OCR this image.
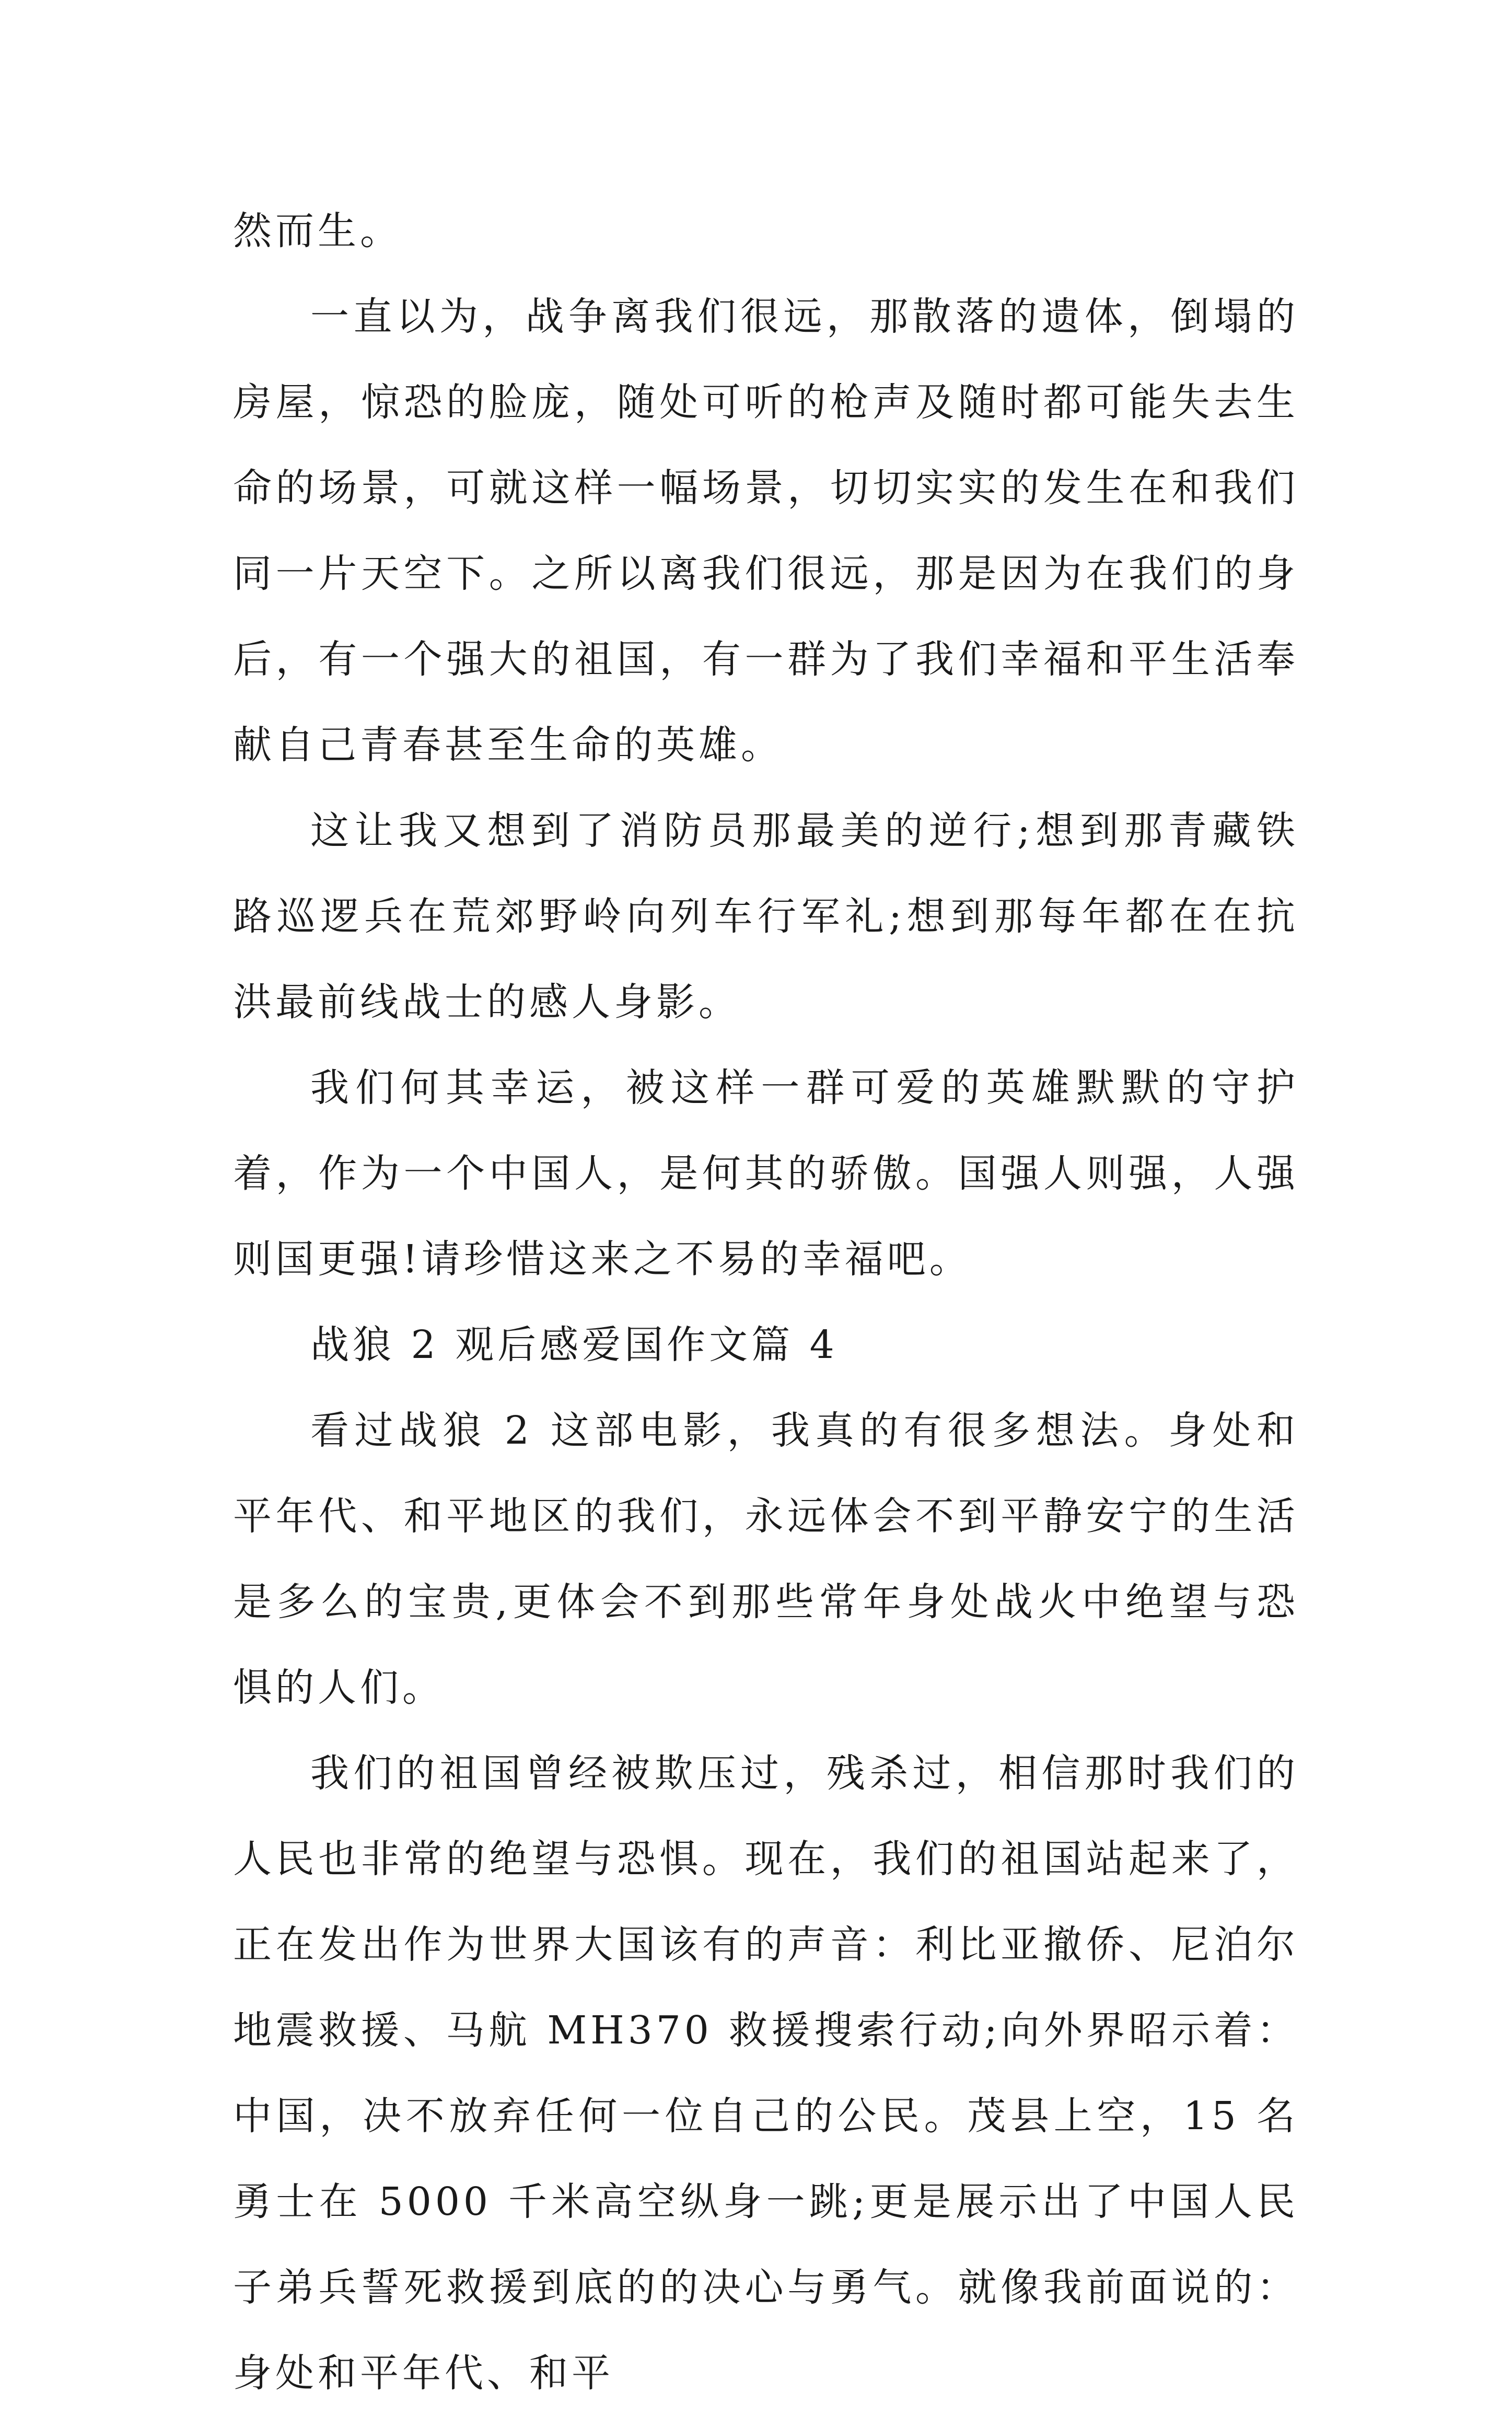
然而生。

一直以为，战争离我们很远，那散落的遗体，倒塌的房屋，惊恐的脸庞，随处可听的枪声及随时都可能失去生命的场景，可就这样一幅场景，切切实实的发生在和我们同一片天空下。之所以离我们很远，那是因为在我们的身后，有一个强大的祖国，有一群为了我们幸福和平生活奉献自己青春甚至生命的英雄。

这让我又想到了消防员那最美的逆行;想到那青藏铁路巡逻兵在荒郊野岭向列车行军礼;想到那每年都在在抗洪最前线战士的感人身影。

我们何其幸运，被这样一群可爱的英雄默默的守护着，作为一个中国人，是何其的骄傲。国强人则强，人强则国更强!请珍惜这来之不易的幸福吧。

战狼 2 观后感爱国作文篇 4

看过战狼 2 这部电影，我真的有很多想法。身处和平年代、和平地区的我们，永远体会不到平静安宁的生活是多么的宝贵,更体会不到那些常年身处战火中绝望与恐惧的人们。

我们的祖国曾经被欺压过，残杀过，相信那时我们的人民也非常的绝望与恐惧。现在，我们的祖国站起来了，正在发出作为世界大国该有的声音：利比亚撤侨、尼泊尔地震救援、马航 MH370 救援搜索行动;向外界昭示着：中国，决不放弃任何一位自己的公民。茂县上空，15 名勇士在 5000 千米高空纵身一跳;更是展示出了中国人民子弟兵誓死救援到底的的决心与勇气。就像我前面说的：身处和平年代、和平
